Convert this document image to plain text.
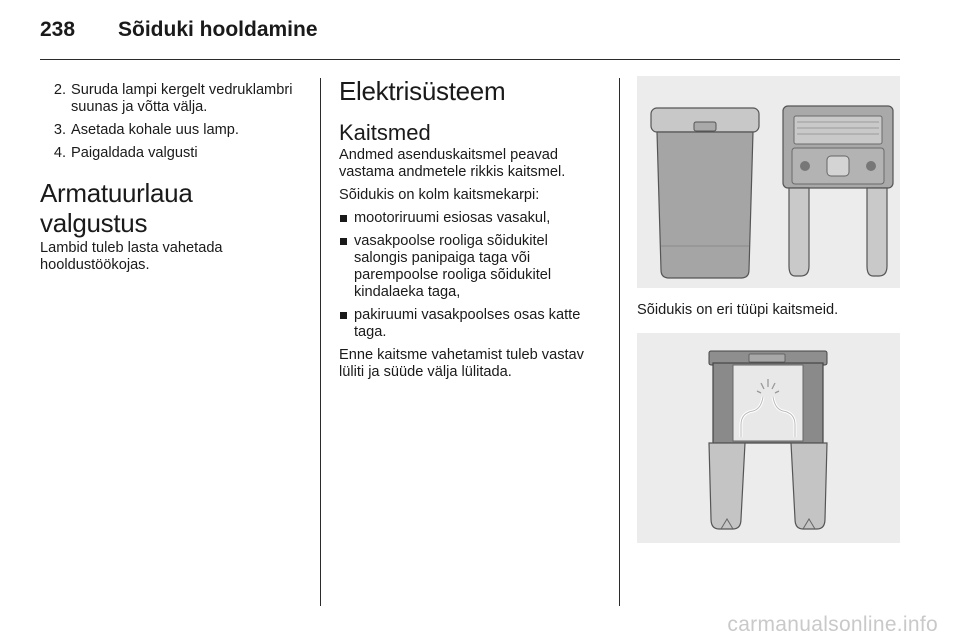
238	Sõiduki hooldamine
2. Suruda lampi kergelt vedruklambri suunas ja võtta välja.
3. Asetada kohale uus lamp.
4. Paigaldada valgusti
Armatuurlaua valgustus

Lambid tuleb lasta vahetada hooldustöökojas.

Elektrisüsteem
Kaitsmed

Andmed asenduskaitsmel peavad vastama andmetele rikkis kaitsmel.

Sõidukis on kolm kaitsmekarpi:

mootoriruumi esiosas vasakul,
vasakpoolse rooliga sõidukitel salongis panipaiga taga või parempoolse rooliga sõidukitel kindalaeka taga,
pakiruumi vasakpoolses osas katte taga.

Enne kaitsme vahetamist tuleb vastav lüliti ja süüde välja lülitada.

Sõidukis on eri tüüpi kaitsmeid.

carmanualsonline.info
